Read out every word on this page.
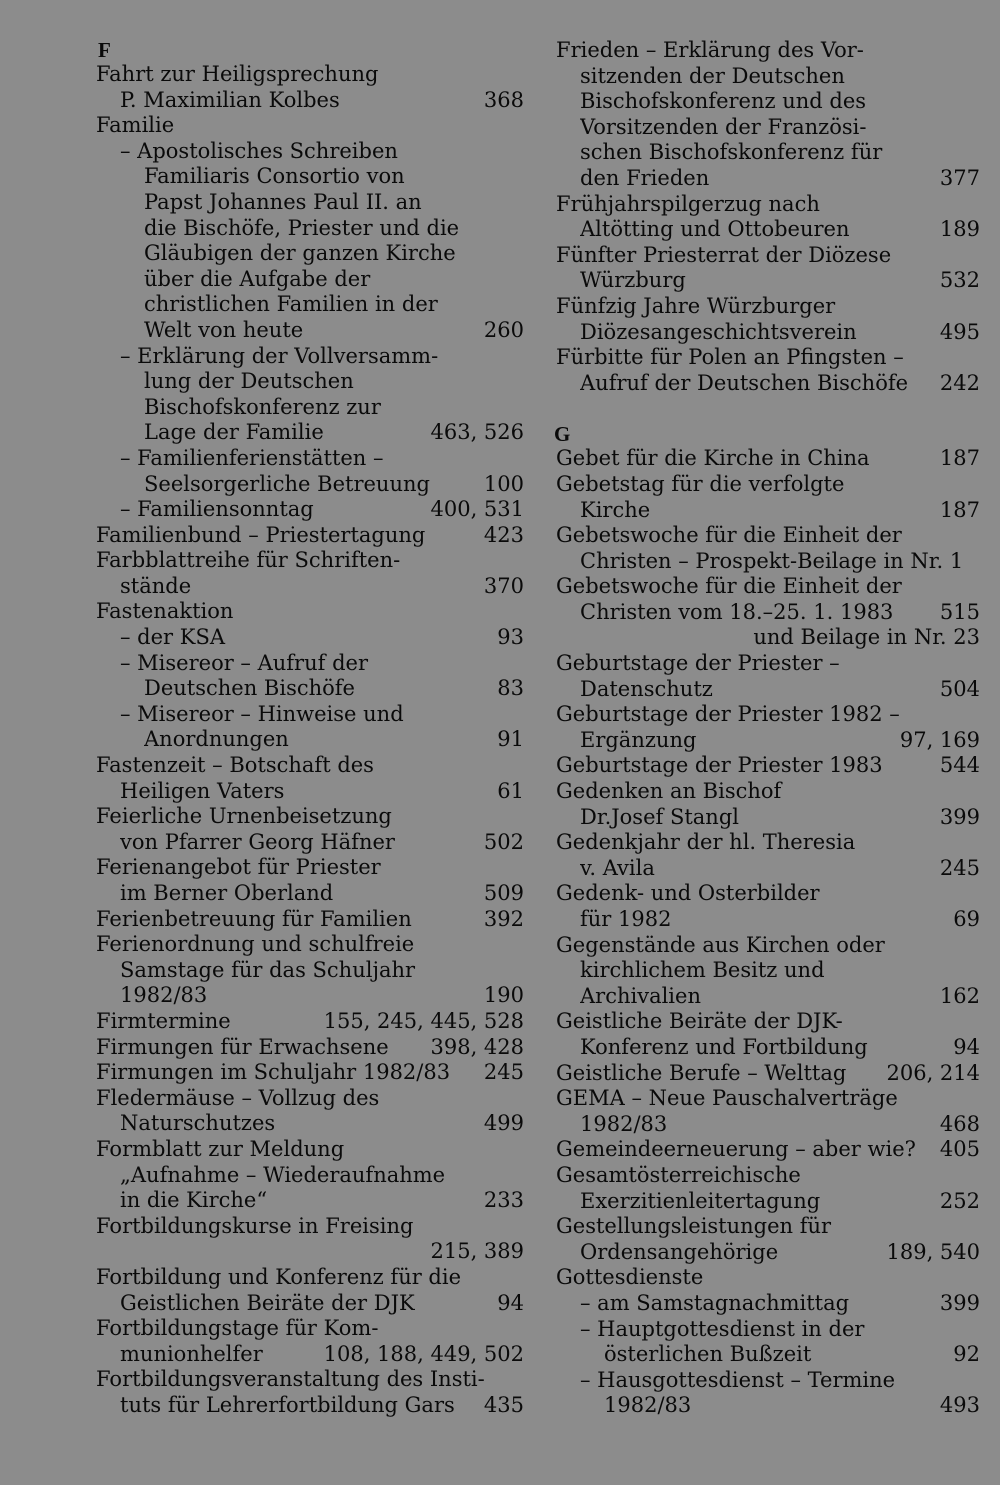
F
Fahrt zur Heiligsprechung
P. Maximilian Kolbes	368
Familie
– Apostolisches Schreiben
Familiaris Consortio von
Papst Johannes Paul II. an
die Bischöfe, Priester und die
Gläubigen der ganzen Kirche
über die Aufgabe der
christlichen Familien in der
Welt von heute	260
– Erklärung der Vollversamm-
lung der Deutschen
Bischofskonferenz zur
Lage der Familie	463, 526
– Familienferienstätten –
Seelsorgerliche Betreuung	100
– Familiensonntag	400, 531
Familienbund – Priestertagung	423
Farbblattreihe für Schriften-
stände	370
Fastenaktion
– der KSA	93
– Misereor – Aufruf der
Deutschen Bischöfe	83
– Misereor – Hinweise und
Anordnungen	91
Fastenzeit – Botschaft des
Heiligen Vaters	61
Feierliche Urnenbeisetzung
von Pfarrer Georg Häfner	502
Ferienangebot für Priester
im Berner Oberland	509
Ferienbetreuung für Familien	392
Ferienordnung und schulfreie
Samstage für das Schuljahr
1982/83	190
Firmtermine	155, 245, 445, 528
Firmungen für Erwachsene	398, 428
Firmungen im Schuljahr 1982/83	245
Fledermäuse – Vollzug des
Naturschutzes	499
Formblatt zur Meldung
„Aufnahme – Wiederaufnahme
in die Kirche“	233
Fortbildungskurse in Freising
215, 389
Fortbildung und Konferenz für die
Geistlichen Beiräte der DJK	94
Fortbildungstage für Kom-
munionhelfer	108, 188, 449, 502
Fortbildungsveranstaltung des Insti-
tuts für Lehrerfortbildung Gars	435
Frieden – Erklärung des Vor-
sitzenden der Deutschen
Bischofskonferenz und des
Vorsitzenden der Französi-
schen Bischofskonferenz für
den Frieden	377
Frühjahrspilgerzug nach
Altötting und Ottobeuren	189
Fünfter Priesterrat der Diözese
Würzburg	532
Fünfzig Jahre Würzburger
Diözesangeschichtsverein	495
Fürbitte für Polen an Pfingsten –
Aufruf der Deutschen Bischöfe	242
G
Gebet für die Kirche in China	187
Gebetstag für die verfolgte
Kirche	187
Gebetswoche für die Einheit der
Christen – Prospekt-Beilage in Nr. 1
Gebetswoche für die Einheit der
Christen vom 18.–25. 1. 1983	515
und Beilage in Nr. 23
Geburtstage der Priester –
Datenschutz	504
Geburtstage der Priester 1982 –
Ergänzung	97, 169
Geburtstage der Priester 1983	544
Gedenken an Bischof
Dr.Josef Stangl	399
Gedenkjahr der hl. Theresia
v. Avila	245
Gedenk- und Osterbilder
für 1982	69
Gegenstände aus Kirchen oder
kirchlichem Besitz und
Archivalien	162
Geistliche Beiräte der DJK-
Konferenz und Fortbildung	94
Geistliche Berufe – Welttag	206, 214
GEMA – Neue Pauschalverträge
1982/83	468
Gemeindeerneuerung – aber wie?	405
Gesamtösterreichische
Exerzitienleitertagung	252
Gestellungsleistungen für
Ordensangehörige	189, 540
Gottesdienste
– am Samstagnachmittag	399
– Hauptgottesdienst in der
österlichen Bußzeit	92
– Hausgottesdienst – Termine
1982/83	493
